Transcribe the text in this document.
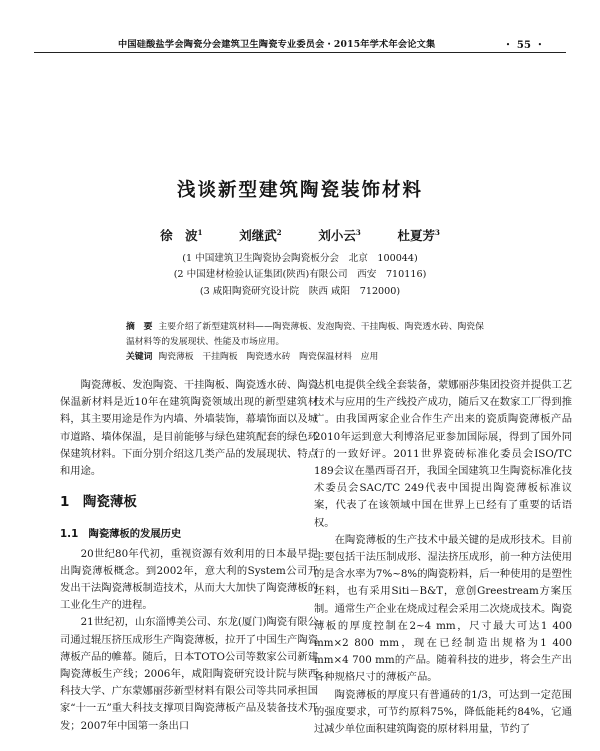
中国硅酸盐学会陶瓷分会建筑卫生陶瓷专业委员会・2015年学术年会论文集	・ 55 ・
浅谈新型建筑陶瓷装饰材料
徐　波$^1$	刘继武$^2$	刘小云$^3$	杜夏芳$^3$
(1 中国建筑卫生陶瓷协会陶瓷板分会　北京　100044)
(2 中国建材检验认证集团(陕西)有限公司　西安　710116)
(3 咸阳陶瓷研究设计院　陕西 咸阳　712000)
摘　要 主要介绍了新型建筑材料——陶瓷薄板、发泡陶瓷、干挂陶板、陶瓷透水砖、陶瓷保温材料等的发展现状、性能及市场应用。
关键词 陶瓷薄板　干挂陶板　陶瓷透水砖　陶瓷保温材料　应用

陶瓷薄板、发泡陶瓷、干挂陶板、陶瓷透水砖、陶瓷保温新材料是近10年在建筑陶瓷领域出现的新型建筑材料，其主要用途是作为内墙、外墙装饰，幕墙饰面以及城市道路、墙体保温，是目前能够与绿色建筑配套的绿色环保建筑材料。下面分别介绍这几类产品的发展现状、特点和用途。

1　陶瓷薄板
1.1　陶瓷薄板的发展历史

20世纪80年代初，重视资源有效利用的日本最早提出陶瓷薄板概念。到2002年，意大利的System公司开发出干法陶瓷薄板制造技术，从而大大加快了陶瓷薄板的工业化生产的进程。

21世纪初，山东淄博美公司、东龙(厦门)陶瓷有限公司通过辊压挤压成形生产陶瓷薄板，拉开了中国生产陶瓷薄板产品的帷幕。随后，日本TOTO公司等数家公司新建陶瓷薄板生产线；2006年，咸阳陶瓷研究设计院与陕西科技大学、广东蒙娜丽莎新型材料有限公司等共同承担国家“十一五”重大科技支撑项目陶瓷薄板产品及装备技术开发；2007年中国第一条出口

达机电提供全线全套装备，蒙娜丽莎集团投资并提供工艺技术与应用的生产线投产成功，随后又在数家工厂得到推广。由我国两家企业合作生产出来的瓷质陶瓷薄板产品2010年运到意大利博洛尼亚参加国际展，得到了国外同行的一致好评。2011世界瓷砖标准化委员会ISO/TC 189会议在墨西哥召开，我国全国建筑卫生陶瓷标准化技术委员会SAC/TC 249代表中国提出陶瓷薄板标准议案，代表了在该领域中国在世界上已经有了重要的话语权。

在陶瓷薄板的生产技术中最关键的是成形技术。目前主要包括干法压制成形、湿法挤压成形，前一种方法使用的是含水率为7%~8%的陶瓷粉料，后一种使用的是塑性坯料，也有采用Siti－B&T，意创Greestream方案压制。通常生产企业在烧成过程会采用二次烧成技术。陶瓷薄板的厚度控制在2~4 mm，尺寸最大可达1 400 mm×2 800 mm，现在已经制造出规格为1 400 mm×4 700 mm的产品。随着科技的进步，将会生产出各种规格尺寸的薄板产品。

陶瓷薄板的厚度只有普通砖的1/3，可达到一定范围的强度要求，可节约原料75%，降低能耗约84%，它通过减少单位面积建筑陶瓷的原材料用量，节约了
